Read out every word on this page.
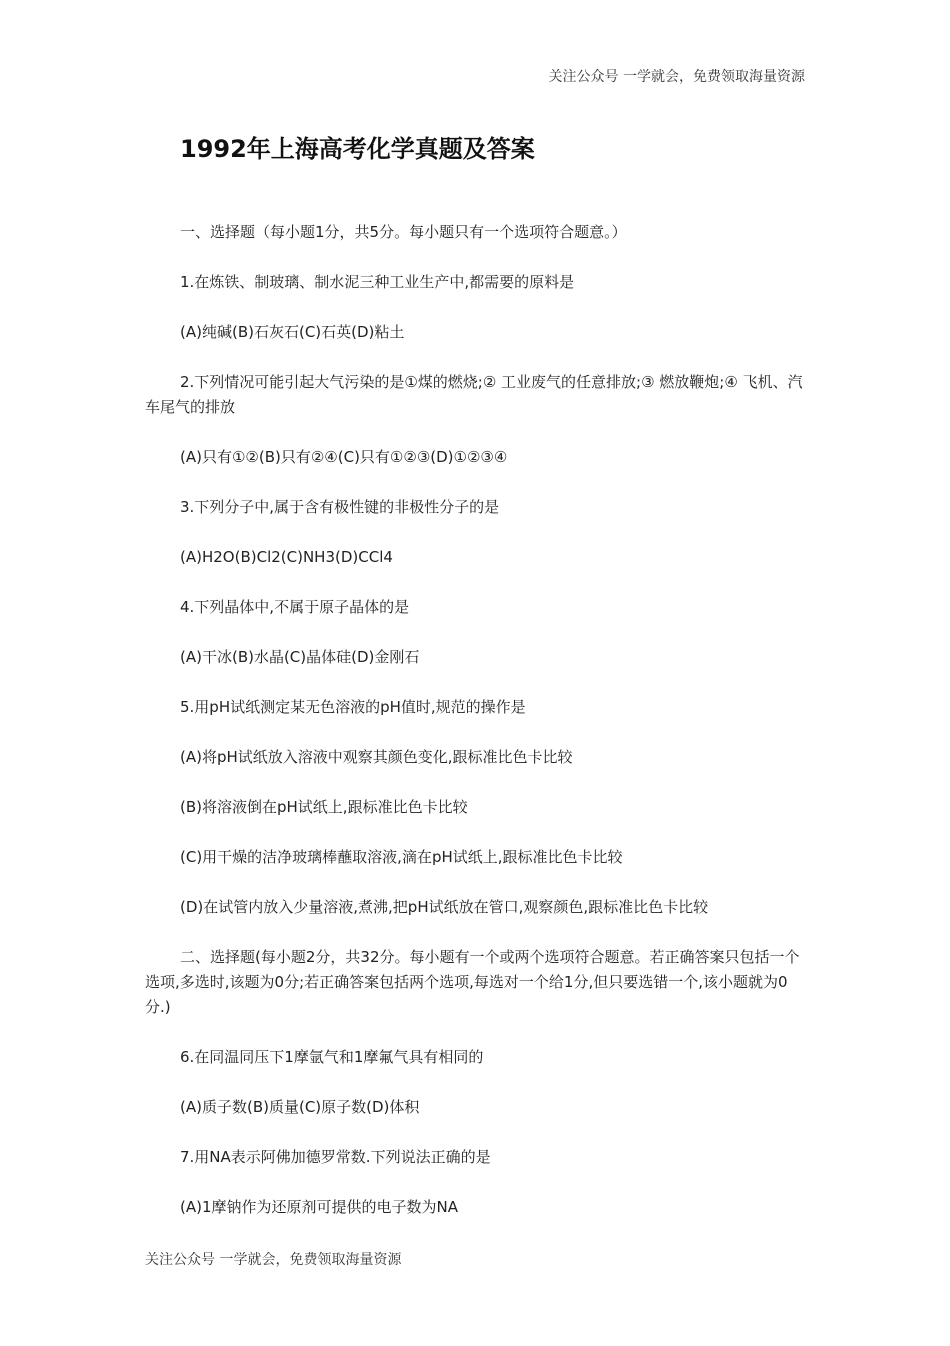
关注公众号 一学就会，免费领取海量资源
1992年上海高考化学真题及答案

一、选择题（每小题1分，共5分。每小题只有一个选项符合题意。）

1.在炼铁、制玻璃、制水泥三种工业生产中,都需要的原料是

(A)纯碱(B)石灰石(C)石英(D)粘土

2.下列情况可能引起大气污染的是①煤的燃烧;② 工业废气的任意排放;③ 燃放鞭炮;④ 飞机、汽车尾气的排放

(A)只有①②(B)只有②④(C)只有①②③(D)①②③④

3.下列分子中,属于含有极性键的非极性分子的是

(A)H2O(B)Cl2(C)NH3(D)CCl4

4.下列晶体中,不属于原子晶体的是

(A)干冰(B)水晶(C)晶体硅(D)金刚石

5.用pH试纸测定某无色溶液的pH值时,规范的操作是

(A)将pH试纸放入溶液中观察其颜色变化,跟标准比色卡比较

(B)将溶液倒在pH试纸上,跟标准比色卡比较

(C)用干燥的洁净玻璃棒蘸取溶液,滴在pH试纸上,跟标准比色卡比较

(D)在试管内放入少量溶液,煮沸,把pH试纸放在管口,观察颜色,跟标准比色卡比较

二、选择题(每小题2分，共32分。每小题有一个或两个选项符合题意。若正确答案只包括一个选项,多选时,该题为0分;若正确答案包括两个选项,每选对一个给1分,但只要选错一个,该小题就为0分.)

6.在同温同压下1摩氩气和1摩氟气具有相同的

(A)质子数(B)质量(C)原子数(D)体积

7.用NA表示阿佛加德罗常数.下列说法正确的是

(A)1摩钠作为还原剂可提供的电子数为NA

关注公众号 一学就会，免费领取海量资源
